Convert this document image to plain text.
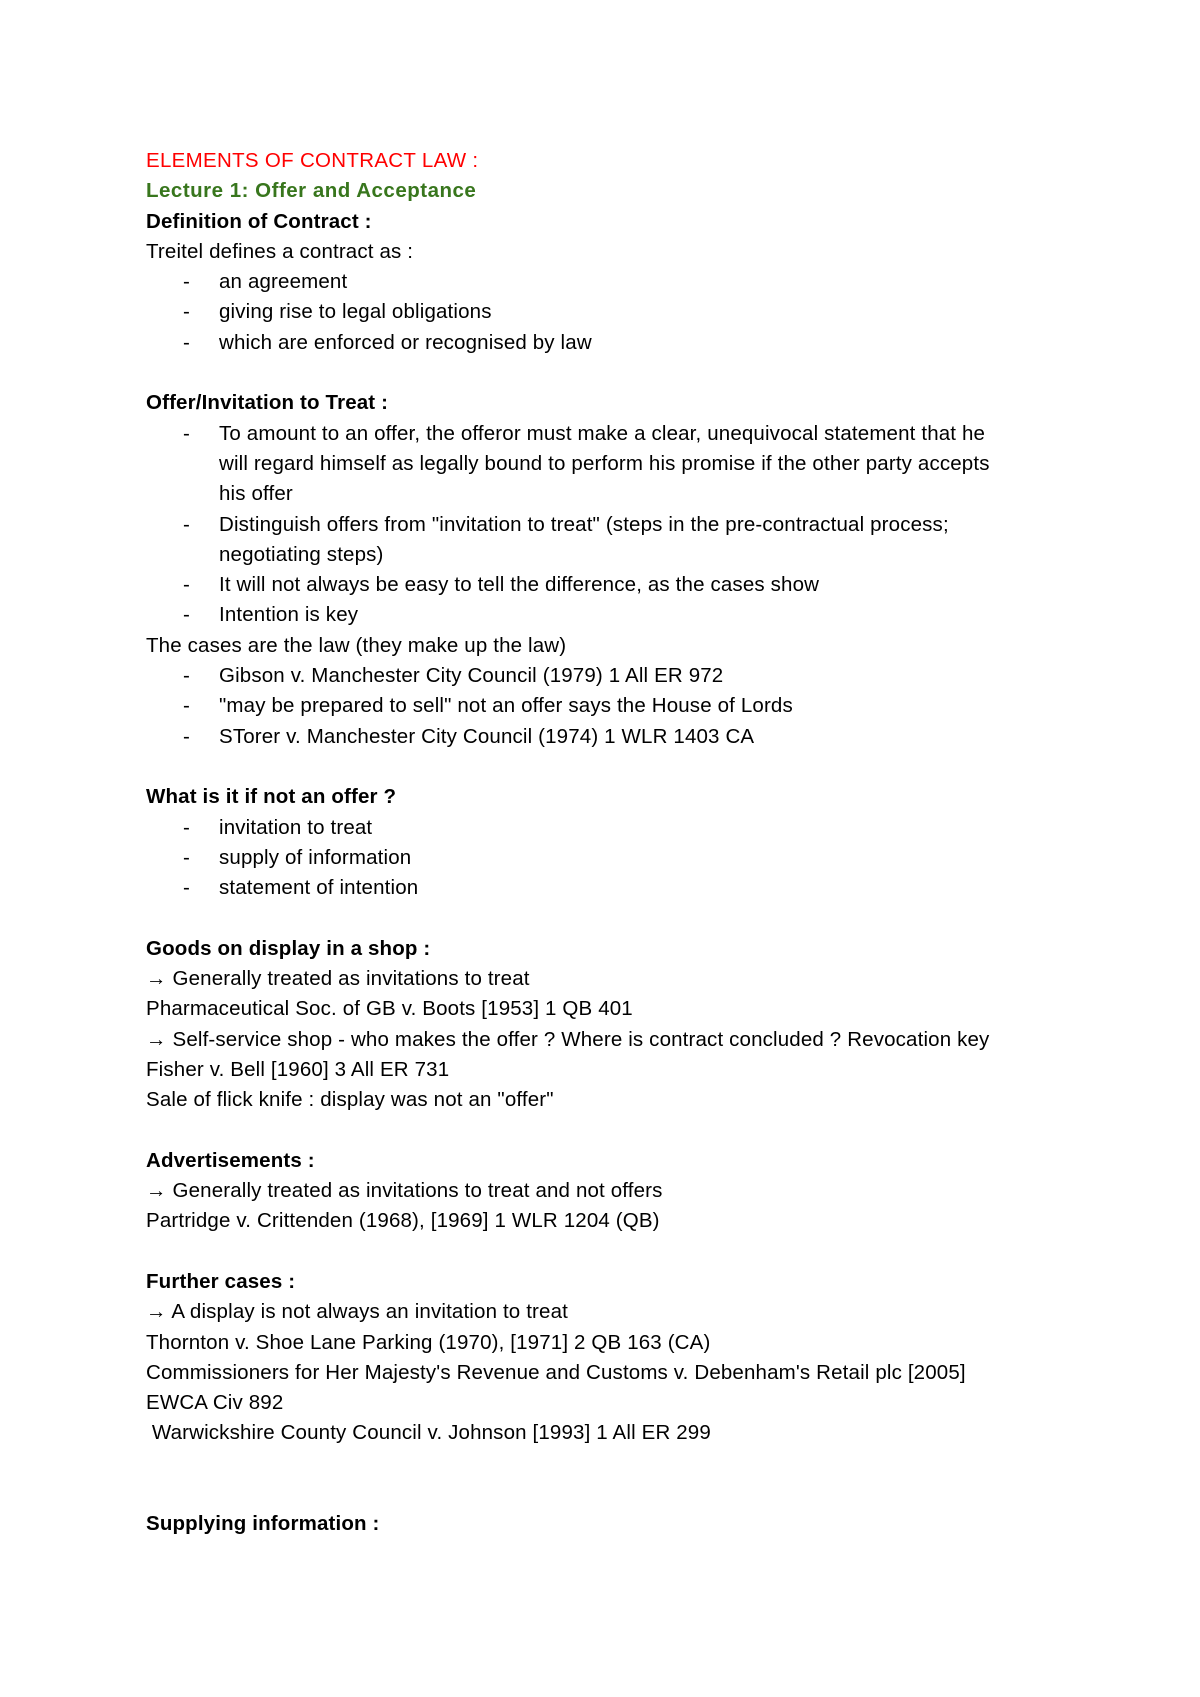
ELEMENTS OF CONTRACT LAW :
Lecture 1: Offer and Acceptance
Definition of Contract :
Treitel defines a contract as :
- an agreement
- giving rise to legal obligations
- which are enforced or recognised by law
Offer/Invitation to Treat :
- To amount to an offer, the offeror must make a clear, unequivocal statement that he
will regard himself as legally bound to perform his promise if the other party accepts
his offer
- Distinguish offers from "invitation to treat" (steps in the pre-contractual process;
negotiating steps)
- It will not always be easy to tell the difference, as the cases show
- Intention is key
The cases are the law (they make up the law)
- Gibson v. Manchester City Council (1979) 1 All ER 972
- "may be prepared to sell" not an offer says the House of Lords
- STorer v. Manchester City Council (1974) 1 WLR 1403 CA
What is it if not an offer ?
- invitation to treat
- supply of information
- statement of intention
Goods on display in a shop :
→ Generally treated as invitations to treat
Pharmaceutical Soc. of GB v. Boots [1953] 1 QB 401
→ Self-service shop - who makes the offer ? Where is contract concluded ? Revocation key
Fisher v. Bell [1960] 3 All ER 731
Sale of flick knife : display was not an "offer"
Advertisements :
→ Generally treated as invitations to treat and not offers
Partridge v. Crittenden (1968), [1969] 1 WLR 1204 (QB)
Further cases :
→ A display is not always an invitation to treat
Thornton v. Shoe Lane Parking (1970), [1971] 2 QB 163 (CA)
Commissioners for Her Majesty's Revenue and Customs v. Debenham's Retail plc [2005]
EWCA Civ 892
Warwickshire County Council v. Johnson [1993] 1 All ER 299
Supplying information :
